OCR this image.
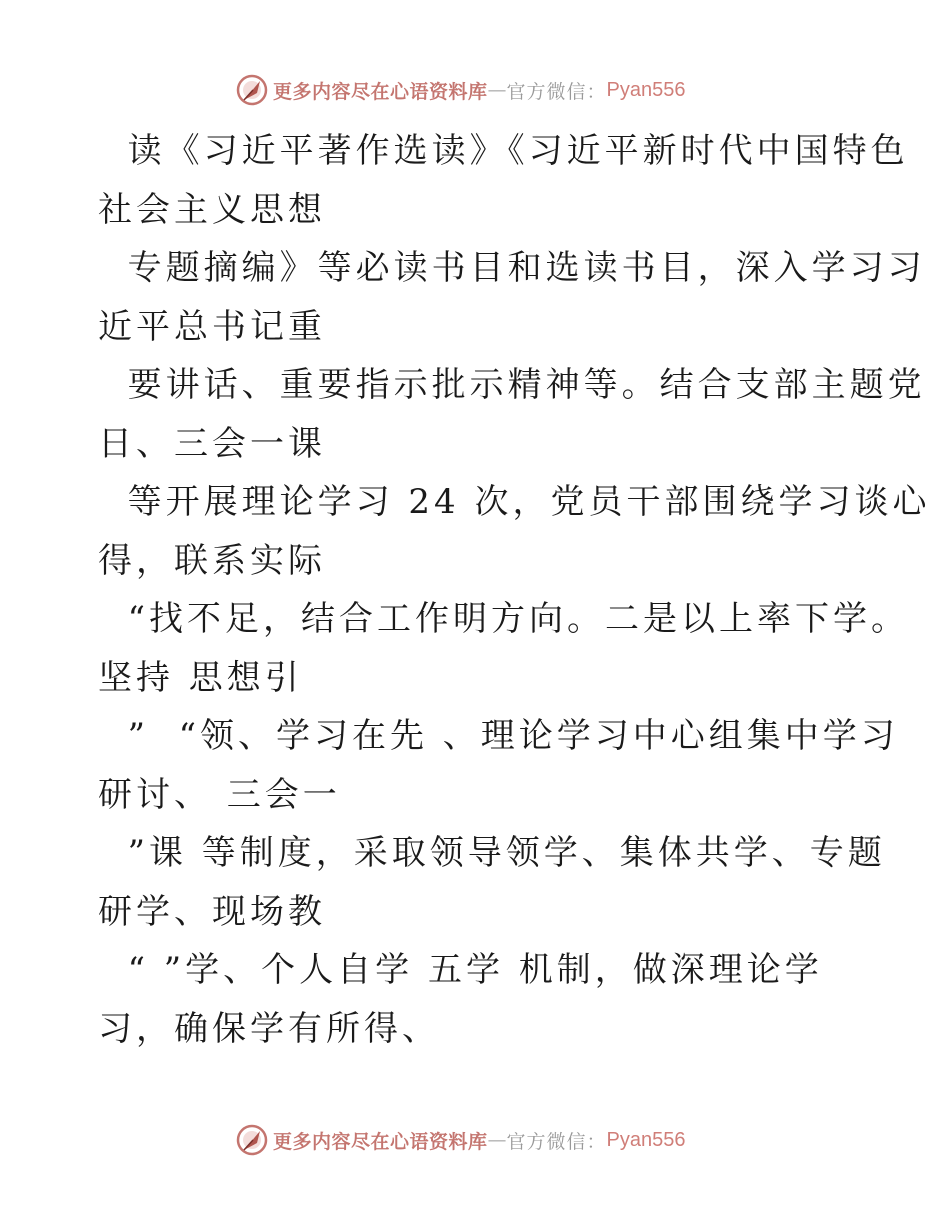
更多内容尽在心语资料库 — 官方微信： Pyan556
读《习近平著作选读》《习近平新时代中国特色
社会主义思想
专题摘编》等必读书目和选读书目，深入学习习
近平总书记重
要讲话、重要指示批示精神等。结合支部主题党
日、三会一课
等开展理论学习 24 次，党员干部围绕学习谈心
得，联系实际
“找不足，结合工作明方向。二是以上率下学。
坚持 思想引
”  “领、学习在先 、理论学习中心组集中学习
研讨、 三会一
”课 等制度，采取领导领学、集体共学、专题
研学、现场教
“ ”学、个人自学 五学 机制，做深理论学
习，确保学有所得、
更多内容尽在心语资料库 — 官方微信： Pyan556
